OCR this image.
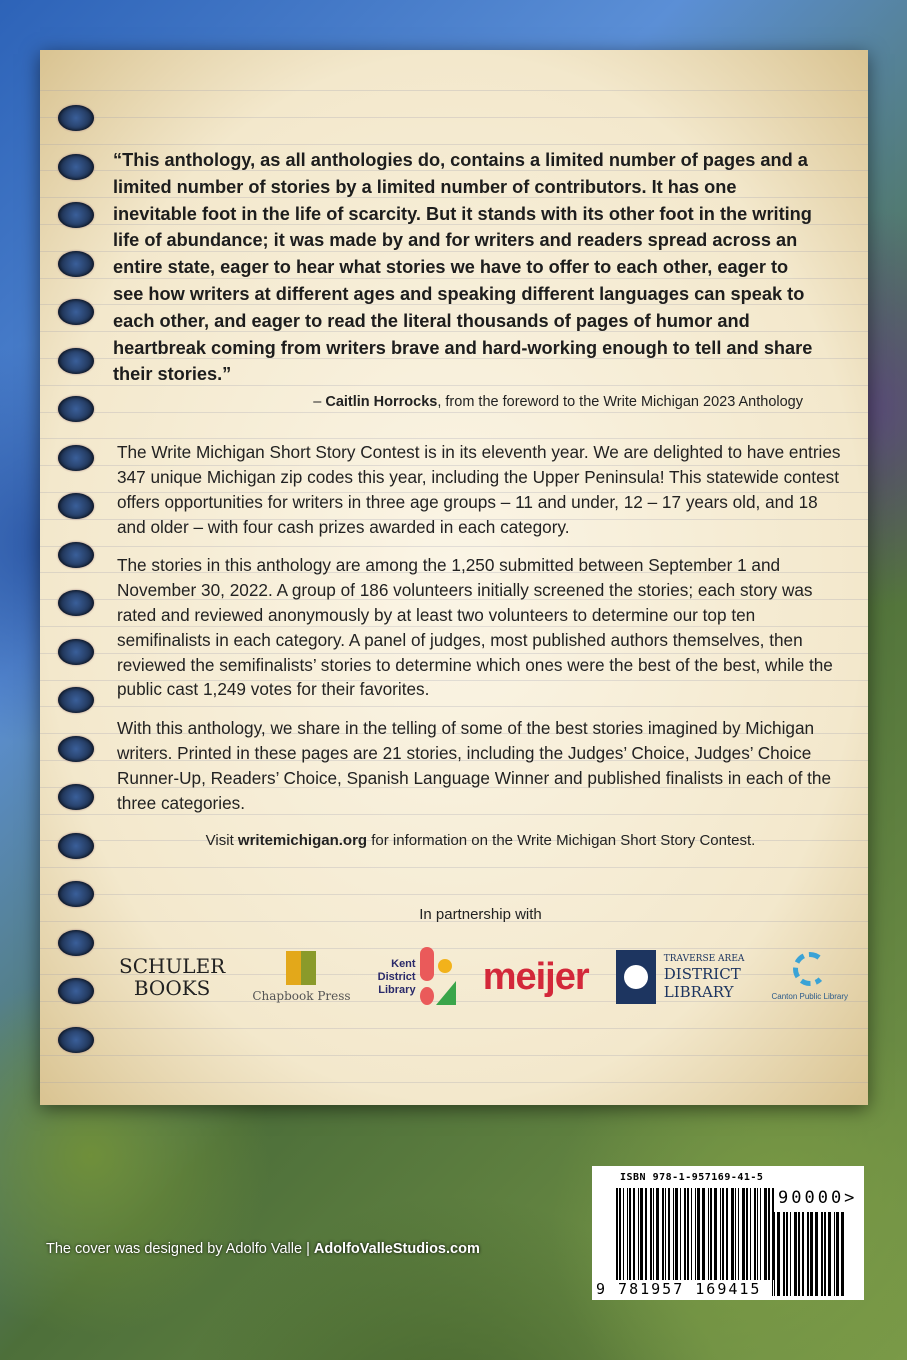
“This anthology, as all anthologies do, contains a limited number of pages and a limited number of stories by a limited number of contributors. It has one inevitable foot in the life of scarcity. But it stands with its other foot in the writing life of abundance; it was made by and for writers and readers spread across an entire state, eager to hear what stories we have to offer to each other, eager to see how writers at different ages and speaking different languages can speak to each other, and eager to read the literal thousands of pages of humor and heartbreak coming from writers brave and hard-working enough to tell and share their stories.”
– Caitlin Horrocks, from the foreword to the Write Michigan 2023 Anthology
The Write Michigan Short Story Contest is in its eleventh year. We are delighted to have entries 347 unique Michigan zip codes this year, including the Upper Peninsula! This statewide contest offers opportunities for writers in three age groups – 11 and under, 12 – 17 years old, and 18 and older – with four cash prizes awarded in each category.
The stories in this anthology are among the 1,250 submitted between September 1 and November 30, 2022. A group of 186 volunteers initially screened the stories; each story was rated and reviewed anonymously by at least two volunteers to determine our top ten semifinalists in each category. A panel of judges, most published authors themselves, then reviewed the semifinalists’ stories to determine which ones were the best of the best, while the public cast 1,249 votes for their favorites.
With this anthology, we share in the telling of some of the best stories imagined by Michigan writers. Printed in these pages are 21 stories, including the Judges’ Choice, Judges’ Choice Runner-Up, Readers’ Choice, Spanish Language Winner and published finalists in each of the three categories.
Visit writemichigan.org for information on the Write Michigan Short Story Contest.
In partnership with
SCHULER
BOOKS	Chapbook Press
Kent
District
Library meijer	TRAVERSE AREA
DISTRICT
LIBRARY	Canton Public Library
The cover was designed by Adolfo Valle | AdolfoValleStudios.com
ISBN 978-1-957169-41-5
90000>
9 781957 169415
